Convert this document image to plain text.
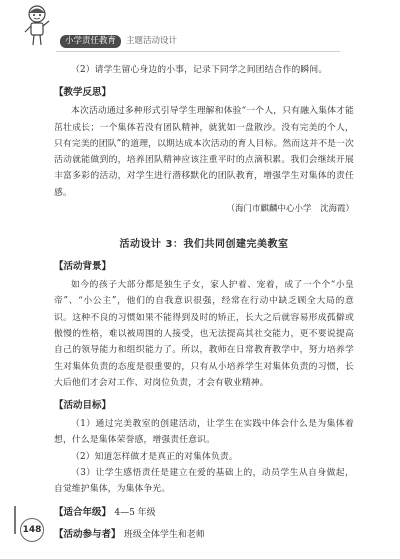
小学责任教育	主题活动设计

（2）请学生留心身边的小事，记录下同学之间团结合作的瞬间。

【教学反思】

本次活动通过多种形式引导学生理解和体验“一个人，只有融入集体才能茁壮成长；一个集体若没有团队精神，就犹如一盘散沙。没有完美的个人，只有完美的团队”的道理，以期达成本次活动的育人目标。然而这并不是一次活动就能做到的，培养团队精神应该注重平时的点滴积累。我们会继续开展丰富多彩的活动，对学生进行潜移默化的团队教育，增强学生对集体的责任感。

（海门市麒麟中心小学　沈海霞）

活动设计 3：我们共同创建完美教室
【活动背景】

如今的孩子大部分都是独生子女，家人护着、宠着，成了一个个“小皇帝”、“小公主”，他们的自我意识很强，经常在行动中缺乏顾全大局的意识。这种不良的习惯如果不能得到及时的矫正，长大之后就容易形成孤僻或傲慢的性格，难以被周围的人接受，也无法提高其社交能力，更不要说提高自己的领导能力和组织能力了。所以，教师在日常教育教学中，努力培养学生对集体负责的态度是很重要的，只有从小培养学生对集体负责的习惯，长大后他们才会对工作、对岗位负责，才会有敬业精神。

【活动目标】

（1）通过完美教室的创建活动，让学生在实践中体会什么是为集体着想，什么是集体荣誉感，增强责任意识。

（2）知道怎样做才是真正的对集体负责。

（3）让学生感悟责任是建立在爱的基础上的，动员学生从自身做起，自觉维护集体，为集体争光。

【适合年级】 4—5 年级
【活动参与者】 班级全体学生和老师
148
